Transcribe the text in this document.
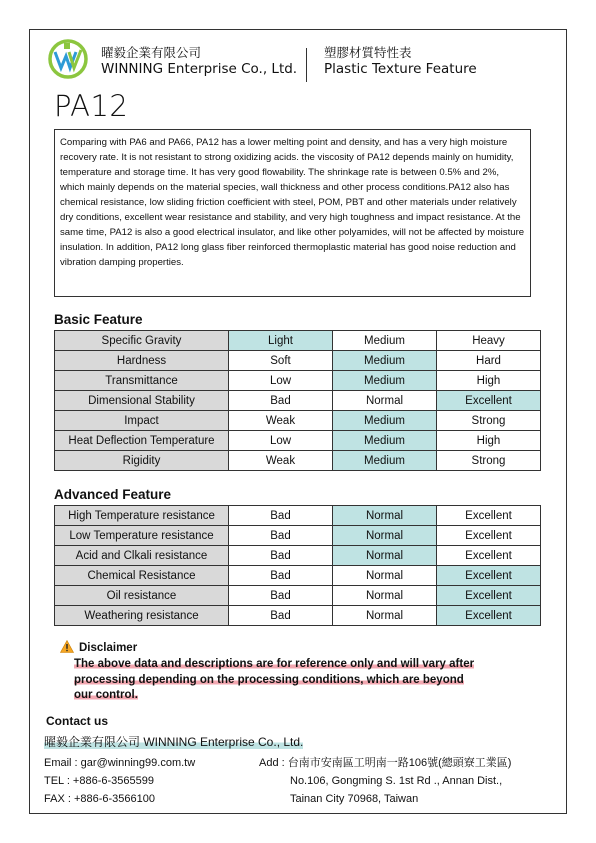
曜毅企業有限公司
WINNING Enterprise Co., Ltd.
塑膠材質特性表
Plastic Texture Feature
PA12
Comparing with PA6 and PA66, PA12 has a lower melting point and density, and has a very high moisture recovery rate. It is not resistant to strong oxidizing acids. the viscosity of PA12 depends mainly on humidity, temperature and storage time. It has very good flowability. The shrinkage rate is between 0.5% and 2%, which mainly depends on the material species, wall thickness and other process conditions.PA12 also has chemical resistance, low sliding friction coefficient with steel, POM, PBT and other materials under relatively dry conditions, excellent wear resistance and stability, and very high toughness and impact resistance. At the same time, PA12 is also a good electrical insulator, and like other polyamides, will not be affected by moisture insulation. In addition, PA12 long glass fiber reinforced thermoplastic material has good noise reduction and vibration damping properties.
Basic Feature
Specific Gravity	Light	Medium	Heavy
Hardness	Soft	Medium	Hard
Transmittance	Low	Medium	High
Dimensional Stability	Bad	Normal	Excellent
Impact	Weak	Medium	Strong
Heat Deflection Temperature	Low	Medium	High
Rigidity	Weak	Medium	Strong
Advanced Feature
High Temperature resistance	Bad	Normal	Excellent
Low Temperature resistance	Bad	Normal	Excellent
Acid and Clkali resistance	Bad	Normal	Excellent
Chemical Resistance	Bad	Normal	Excellent
Oil resistance	Bad	Normal	Excellent
Weathering resistance	Bad	Normal	Excellent
Disclaimer
The above data and descriptions are for reference only and will vary after
processing depending on the processing conditions, which are beyond
our control.
Contact us
曜毅企業有限公司 WINNING Enterprise Co., Ltd.
Email : gar@winning99.com.tw
TEL : +886-6-3565599
FAX : +886-6-3566100
Add : 台南市安南區工明南一路106號(總頭寮工業區)
No.106, Gongming S. 1st Rd ., Annan Dist.,
Tainan City 70968, Taiwan
